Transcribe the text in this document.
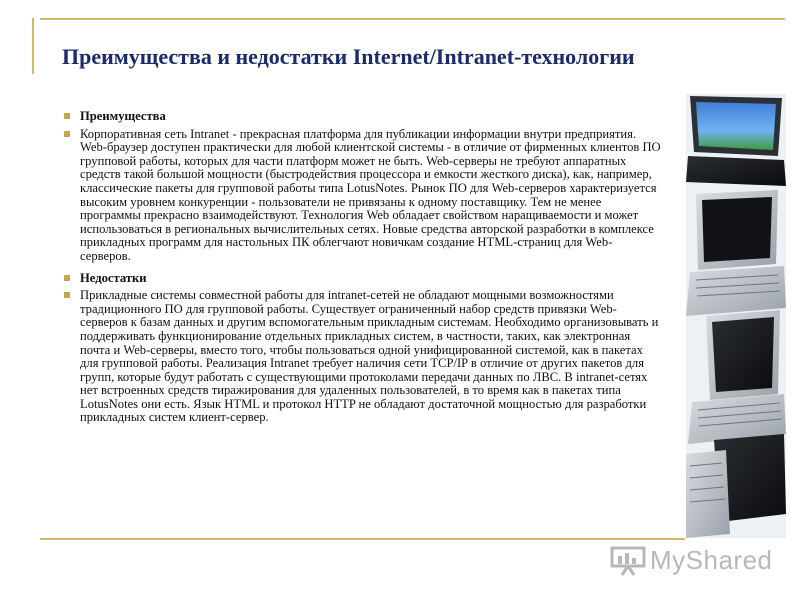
Преимущества и недостатки Internet/Intranet-технологии
Преимущества
Корпоративная сеть Intranet - прекрасная платформа для публикации информации внутри предприятия. Web-браузер доступен практически для любой клиентской системы - в отличие от фирменных клиентов ПО групповой работы, которых для части платформ может не быть. Web-серверы не требуют аппаратных средств такой большой мощности (быстродействия процессора и емкости жесткого диска), как, например, классические пакеты для групповой работы типа LotusNotes. Рынок ПО для Web-серверов характеризуется высоким уровнем конкуренции - пользователи не привязаны к одному поставщику. Тем не менее программы прекрасно взаимодействуют. Технология Web обладает свойством наращиваемости и может использоваться в региональных вычислительных сетях. Новые средства авторской разработки в комплексе прикладных программ для настольных ПК облегчают новичкам создание HTML-страниц для Web-серверов.
Недостатки
Прикладные системы совместной работы для intranet-сетей не обладают мощными возможностями традиционного ПО для групповой работы. Существует ограниченный набор средств привязки Web-серверов к базам данных и другим вспомогательным прикладным системам. Необходимо организовывать и поддерживать функционирование отдельных прикладных систем, в частности, таких, как электронная почта и Web-серверы, вместо того, чтобы пользоваться одной унифицированной системой, как в пакетах для групповой работы. Реализация Intranet требует наличия сети TCP/IP в отличие от других пакетов для групп, которые будут работать с существующими протоколами передачи данных по ЛВС. В intranet-сетях нет встроенных средств тиражирования для удаленных пользователей, в то время как в пакетах типа LotusNotes они есть. Язык HTML и протокол HTTP не обладают достаточной мощностью для разработки прикладных систем клиент-сервер.
MyShared
